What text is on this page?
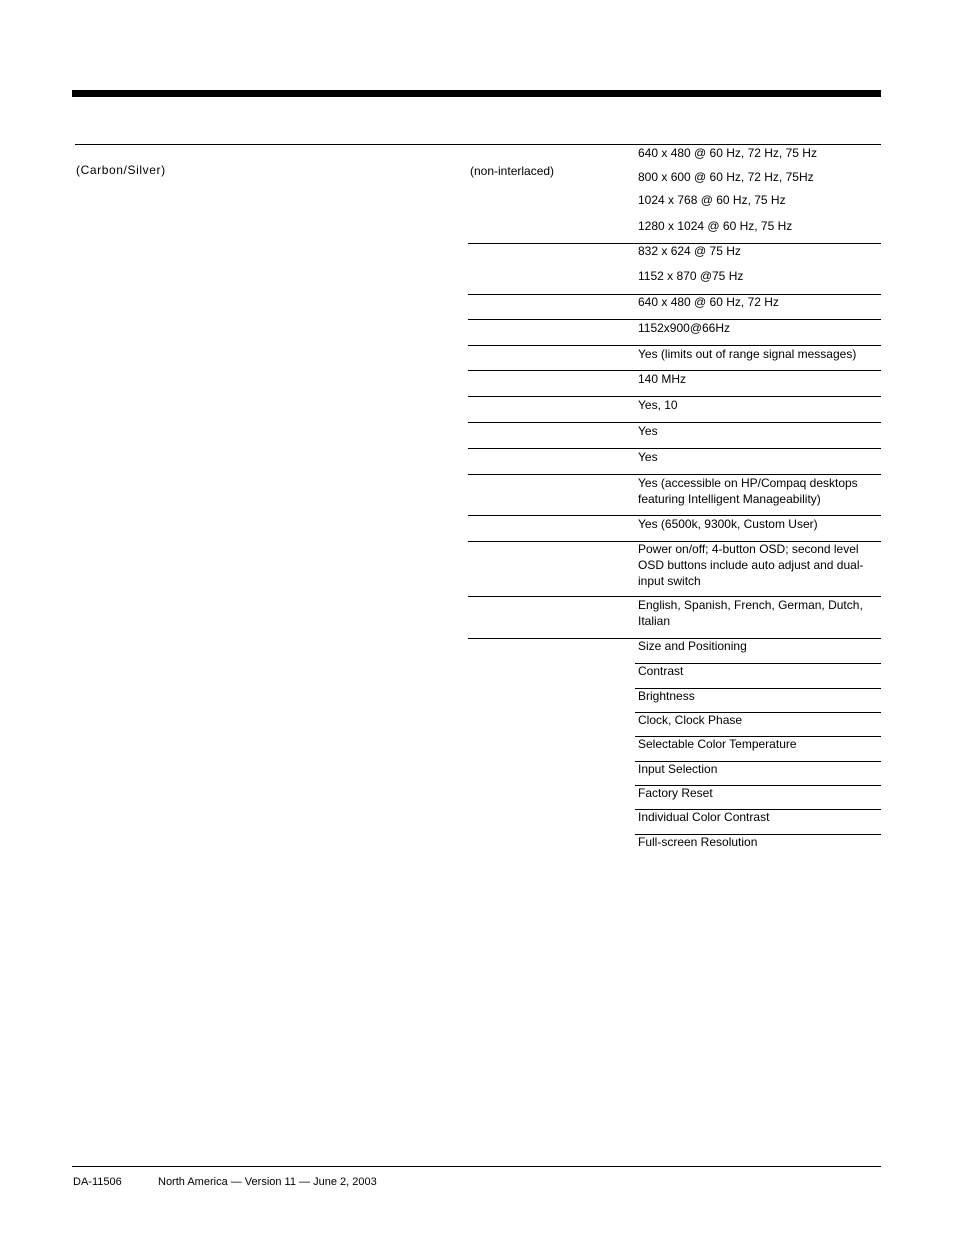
(Carbon/Silver)	(non-interlaced)
640 x 480 @ 60 Hz, 72 Hz, 75 Hz
800 x 600 @ 60 Hz, 72 Hz, 75Hz
1024 x 768 @ 60 Hz, 75 Hz
1280 x 1024 @ 60 Hz, 75 Hz
832 x 624 @ 75 Hz
1152 x 870 @75 Hz
640 x 480 @ 60 Hz, 72 Hz
1152x900@66Hz
Yes (limits out of range signal messages)
140 MHz
Yes, 10
Yes
Yes
Yes (accessible on HP/Compaq desktops featuring Intelligent Manageability)
Yes (6500k, 9300k, Custom User)
Power on/off; 4-button OSD; second level OSD buttons include auto adjust and dual-input switch
English, Spanish, French, German, Dutch, Italian
Size and Positioning
Contrast
Brightness
Clock, Clock Phase
Selectable Color Temperature
Input Selection
Factory Reset
Individual Color Contrast
Full-screen Resolution
DA-11506	North America — Version 11 — June 2, 2003
